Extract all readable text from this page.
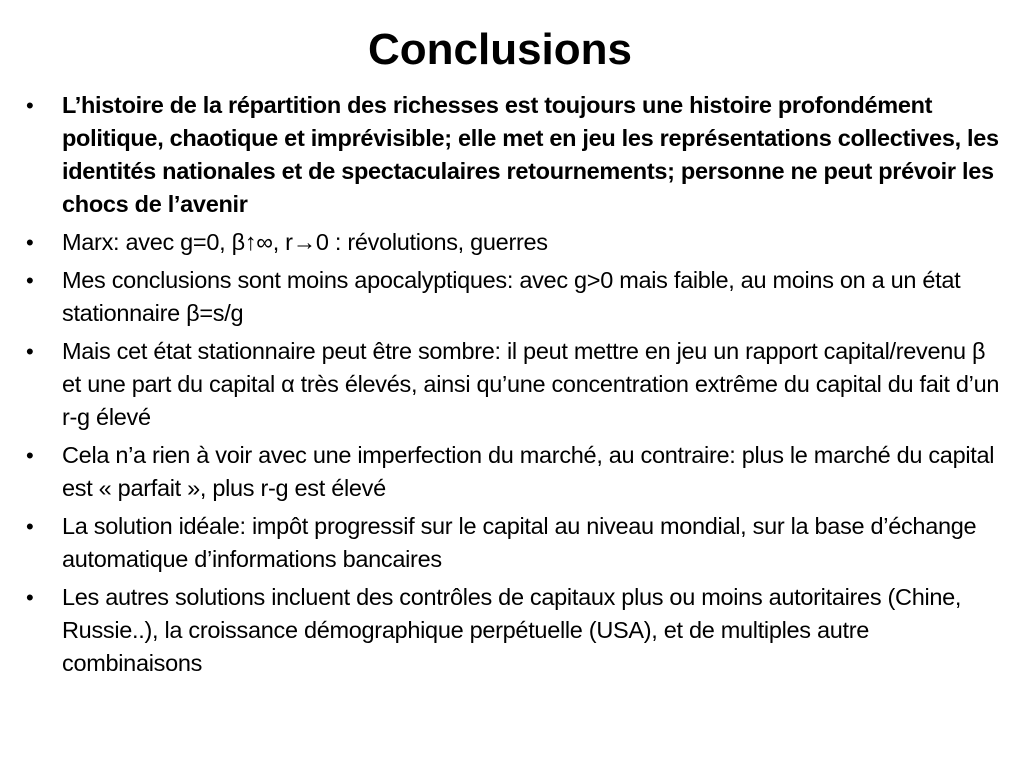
Conclusions
• L’histoire de la répartition des richesses est toujours une histoire profondément politique, chaotique et imprévisible; elle met en jeu les représentations collectives, les identités nationales et de spectaculaires retournements; personne ne peut prévoir les chocs de l’avenir
• Marx: avec g=0, β↑∞, r→0 : révolutions, guerres
• Mes conclusions sont moins apocalyptiques: avec g>0 mais faible, au moins on a un état stationnaire β=s/g
• Mais cet état stationnaire peut être sombre: il peut mettre en jeu un rapport capital/revenu β et une part du capital α très élevés, ainsi qu’une concentration extrême du capital du fait d’un r-g élevé
• Cela n’a rien à voir avec une imperfection du marché, au contraire: plus le marché du capital est « parfait », plus r-g est élevé
• La solution idéale: impôt progressif sur le capital au niveau mondial, sur la base d’échange automatique d’informations bancaires
• Les autres solutions incluent des contrôles de capitaux plus ou moins autoritaires (Chine, Russie..), la croissance démographique perpétuelle (USA), et de multiples autre combinaisons
